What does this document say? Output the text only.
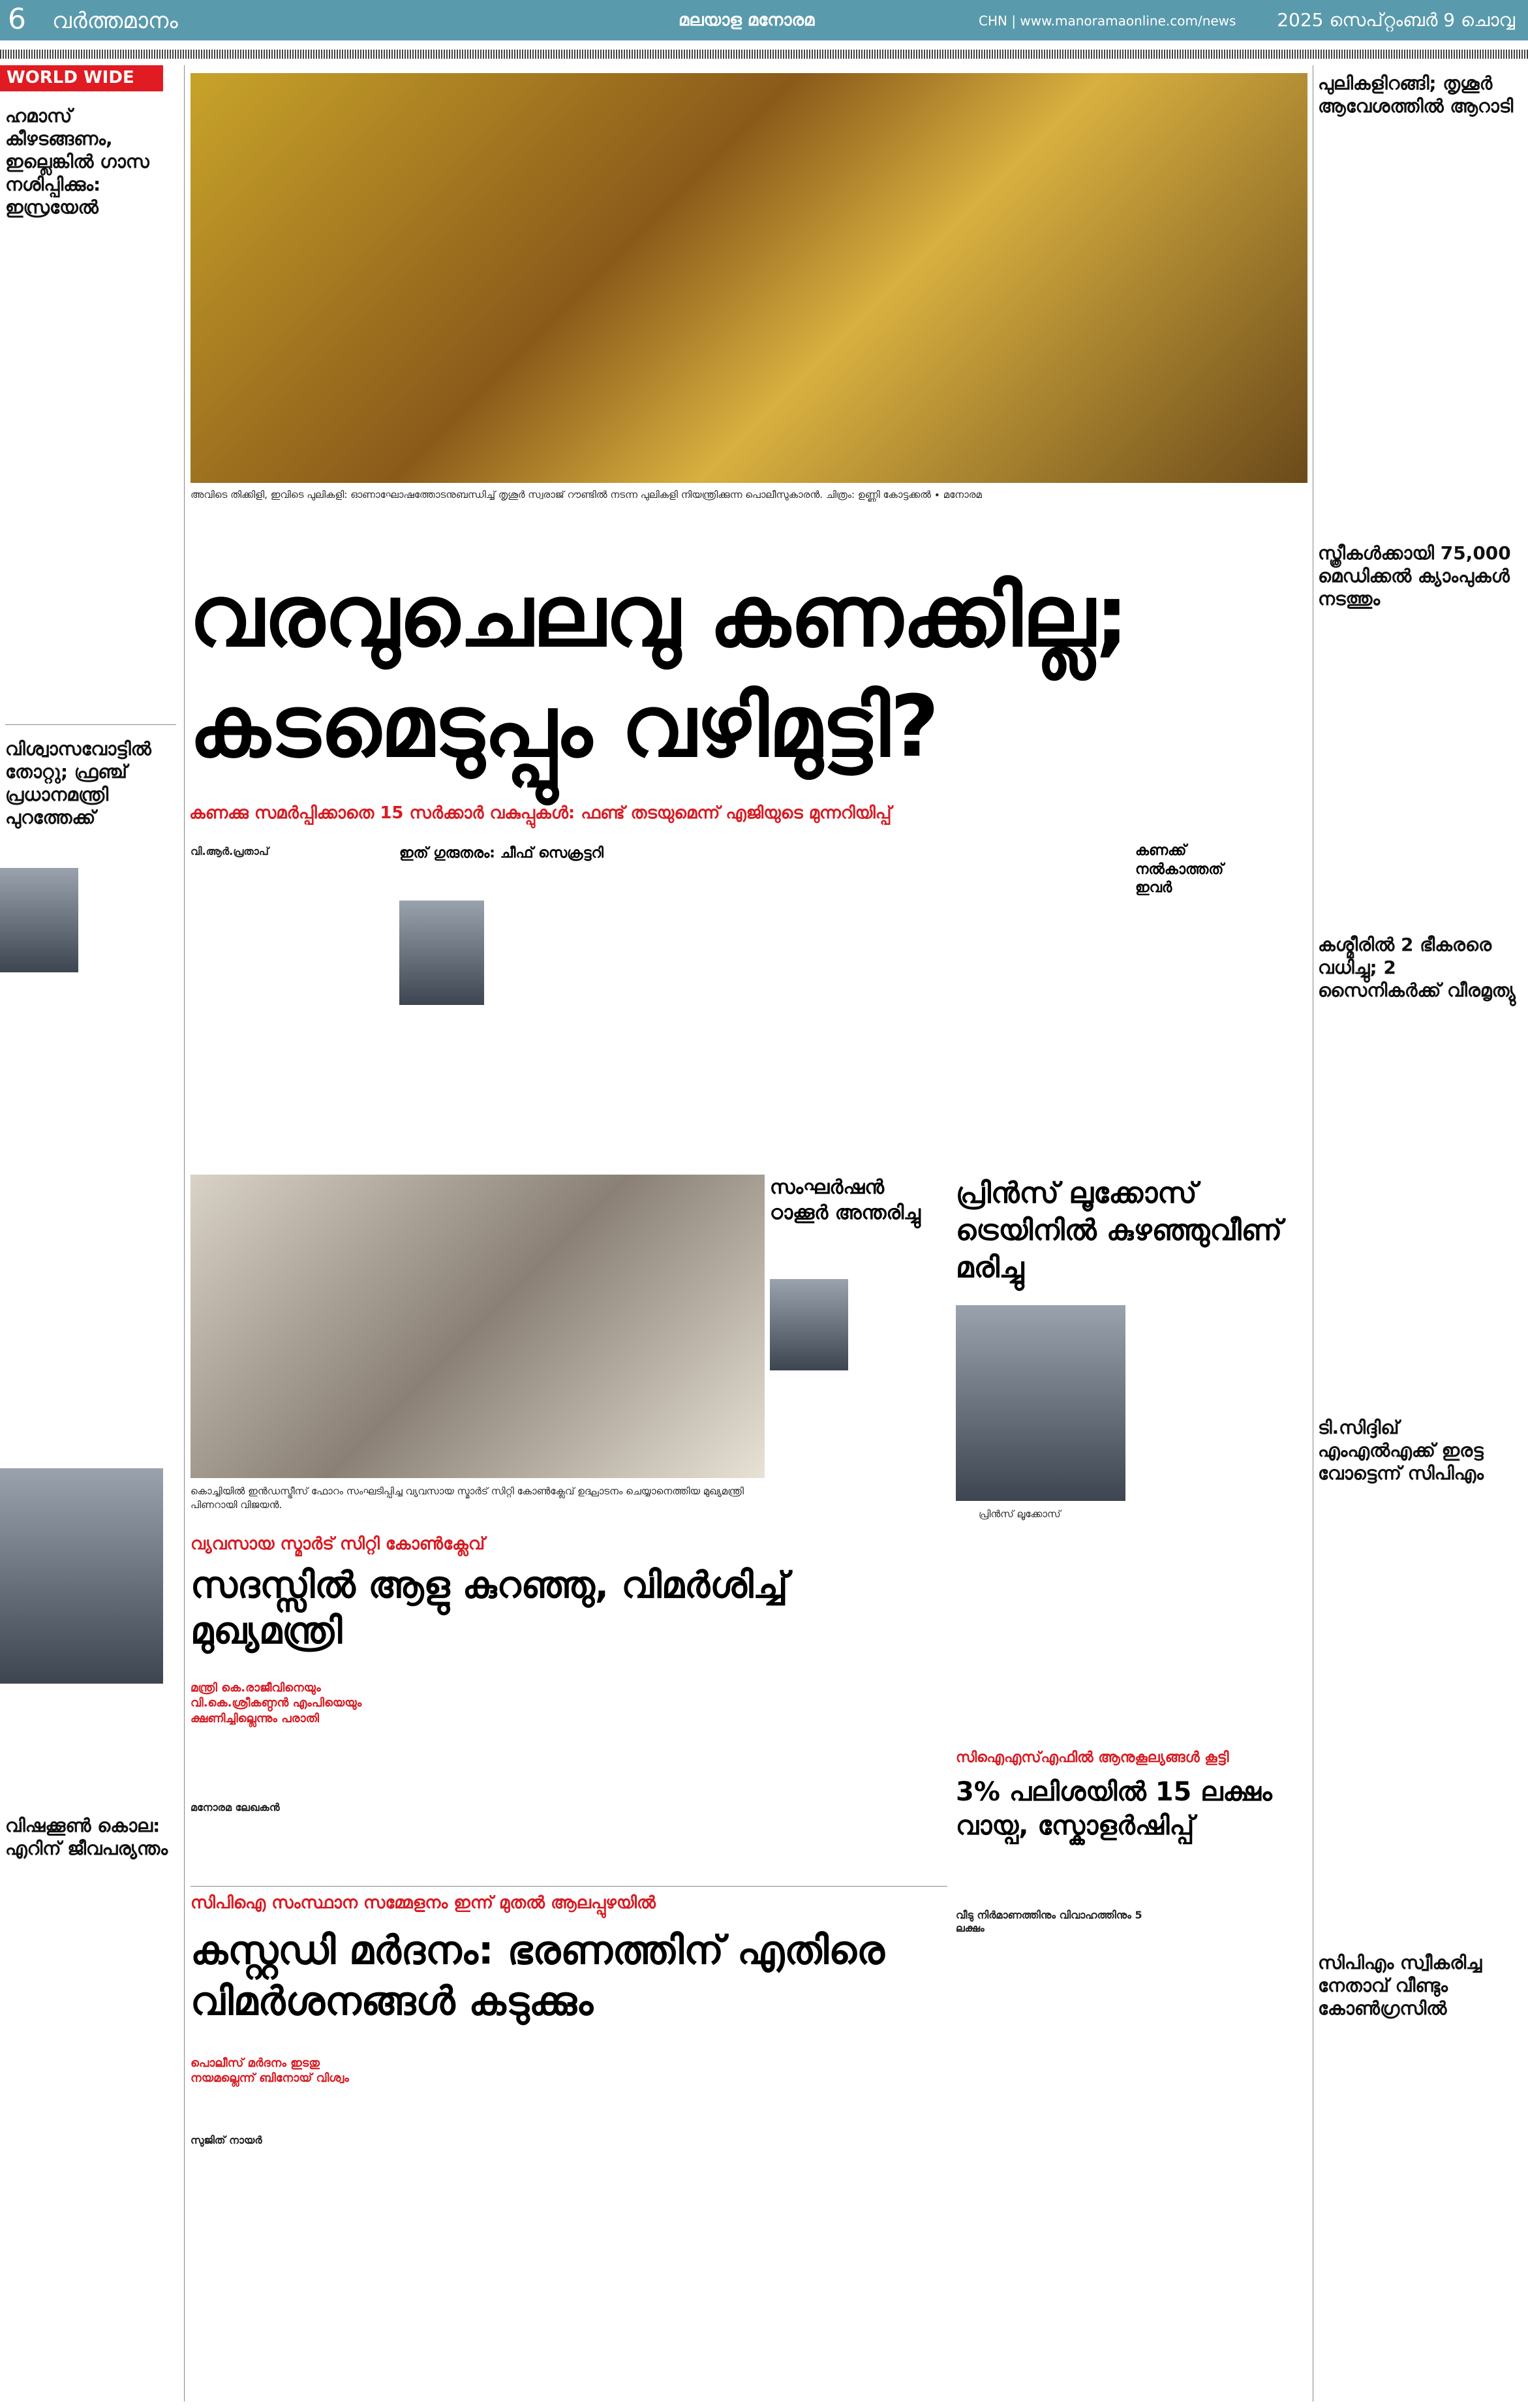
6 വർത്തമാനം	മലയാള മനോരമ	CHN | www.manoramaonline.com/news 2025 സെപ്റ്റംബർ 9 ചൊവ്വ
WORLD WIDE
ഹമാസ് കീഴടങ്ങണം, ഇല്ലെങ്കിൽ ഗാസ നശിപ്പിക്കും: ഇസ്രയേൽ
വിശ്വാസവോട്ടിൽ തോറ്റു; ഫ്രഞ്ച് പ്രധാനമന്ത്രി പുറത്തേക്ക്
വിഷക്കൂൺ കൊല: എറിന് ജീവപര്യന്തം
അവിടെ തിക്കിളി, ഇവിടെ പുലികളി: ഓണാഘോഷത്തോടനുബന്ധിച്ച് തൃശൂർ സ്വരാജ് റൗണ്ടിൽ നടന്ന പുലികളി നിയന്ത്രിക്കുന്ന പൊലീസുകാരൻ. ചിത്രം: ഉണ്ണി കോട്ടക്കൽ ∙ മനോരമ
വരവുചെലവു കണക്കില്ല;
കടമെടുപ്പും വഴിമുട്ടി?
കണക്കു സമർപ്പിക്കാതെ 15 സർക്കാർ വകുപ്പുകൾ: ഫണ്ട് തടയുമെന്ന് എജിയുടെ മുന്നറിയിപ്പ്
വി.ആർ.പ്രതാപ്	ഇത് ഗുരുതരം: ചീഫ് സെക്രട്ടറി	കണക്ക് നൽകാത്തത് ഇവർ
കൊച്ചിയിൽ ഇൻഡസ്ട്രീസ് ഫോറം സംഘടിപ്പിച്ച വ്യവസായ സ്മാർട് സിറ്റി കോൺക്ലേവ് ഉദ്ഘാടനം ചെയ്യാനെത്തിയ മുഖ്യമന്ത്രി പിണറായി വിജയൻ.
വ്യവസായ സ്മാർട് സിറ്റി കോൺക്ലേവ്
സദസ്സിൽ ആളു കുറഞ്ഞു, വിമർശിച്ച് മുഖ്യമന്ത്രി
മന്ത്രി കെ.രാജീവിനെയും വി.കെ.ശ്രീകണ്ഠൻ എംപിയെയും ക്ഷണിച്ചില്ലെന്നും പരാതി
മനോരമ ലേഖകൻ
സംഘർഷൻ ഠാക്കൂർ അന്തരിച്ചു
പ്രിൻസ് ലൂക്കോസ് ട്രെയിനിൽ കുഴഞ്ഞുവീണ് മരിച്ചു
പ്രിൻസ് ലൂക്കോസ്
സിപിഐ സംസ്ഥാന സമ്മേളനം ഇന്ന് മുതൽ ആലപ്പുഴയിൽ
കസ്റ്റഡി മർദനം: ഭരണത്തിന് എതിരെ വിമർശനങ്ങൾ കടുക്കും
പൊലീസ് മർദനം ഇടതു നയമല്ലെന്ന് ബിനോയ് വിശ്വം
സുജിത് നായർ
സിഐഎസ്എഫിൽ ആനുകൂല്യങ്ങൾ കൂട്ടി
3% പലിശയിൽ 15 ലക്ഷം വായ്പ, സ്കോളർഷിപ്പ്
വീടു നിർമാണത്തിനും വിവാഹത്തിനും 5 ലക്ഷം
പുലികളിറങ്ങി; തൃശൂർ ആവേശത്തിൽ ആറാടി
സ്ത്രീകൾക്കായി 75,000 മെഡിക്കൽ ക്യാംപുകൾ നടത്തും
കശ്മീരിൽ 2 ഭീകരരെ വധിച്ചു; 2 സൈനികർക്ക് വീരമൃത്യു
ടി.സിദ്ദിഖ് എംഎൽഎക്ക് ഇരട്ട വോട്ടെന്ന് സിപിഎം
സിപിഎം സ്വീകരിച്ച നേതാവ് വീണ്ടും കോൺഗ്രസിൽ
